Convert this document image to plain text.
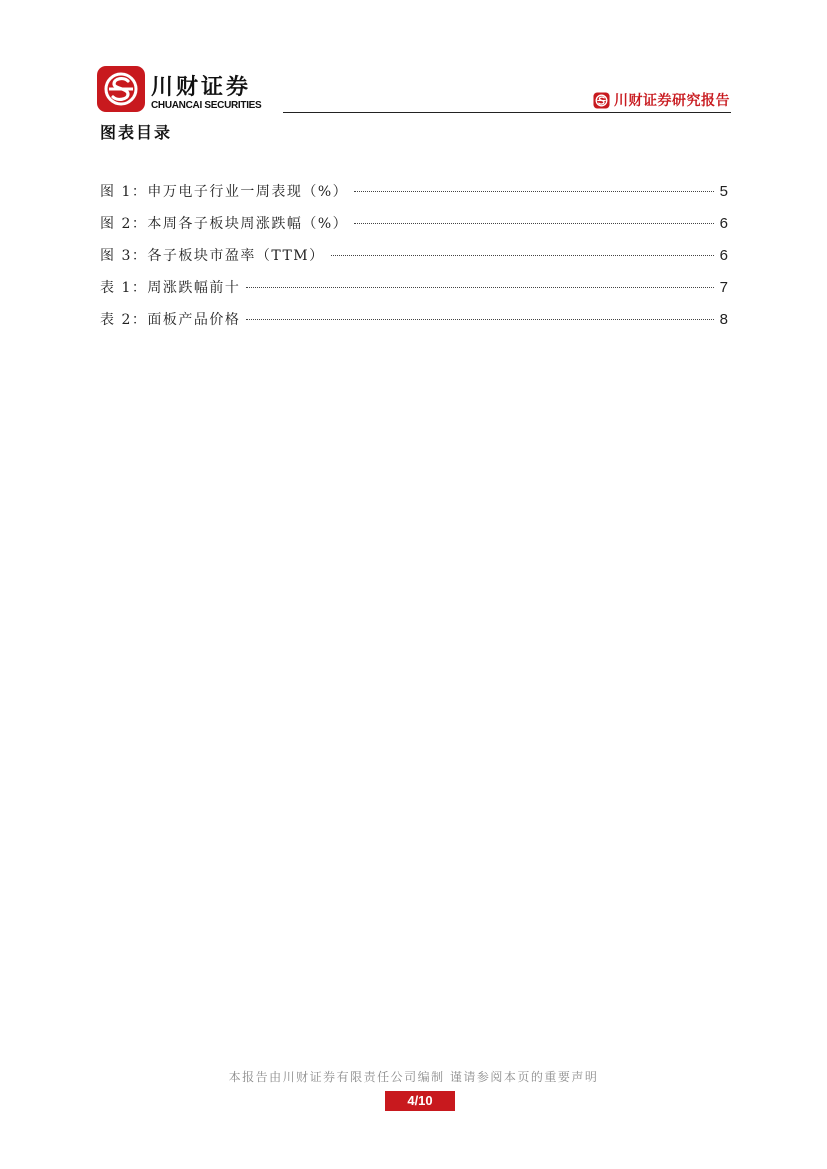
川财证券
CHUANCAI SECURITIES	川财证券研究报告
图表目录
图 1：申万电子行业一周表现（%）	5
图 2：本周各子板块周涨跌幅（%）	6
图 3：各子板块市盈率（TTM）	6
表 1：周涨跌幅前十	7
表 2：面板产品价格	8
本报告由川财证券有限责任公司编制 谨请参阅本页的重要声明
4/10
